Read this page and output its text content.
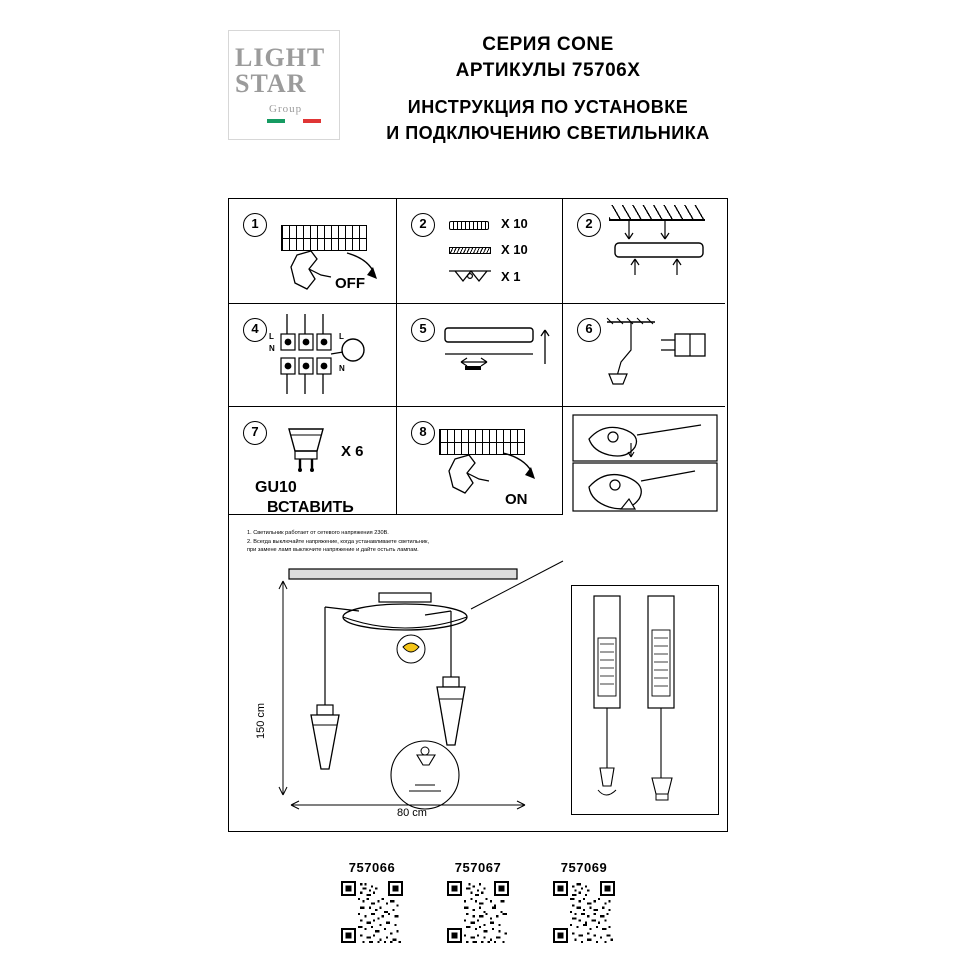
LIGHT
STAR
Group
СЕРИЯ CONE
АРТИКУЛЫ 75706X
ИНСТРУКЦИЯ ПО УСТАНОВКЕ
И ПОДКЛЮЧЕНИЮ СВЕТИЛЬНИКА
1
OFF
2	X 10
X 10
X 1
2
4
L
N
L
N
5	6
7
X 6
GU10
ВСТАВИТЬ
8
ON
1. Светильник работает от сетевого напряжения 230В.
2. Всегда выключайте напряжение, когда устанавливаете светильник,
при замене ламп выключите напряжение и дайте остыть лампам.
150 cm
80 cm
757066	757067	757069
